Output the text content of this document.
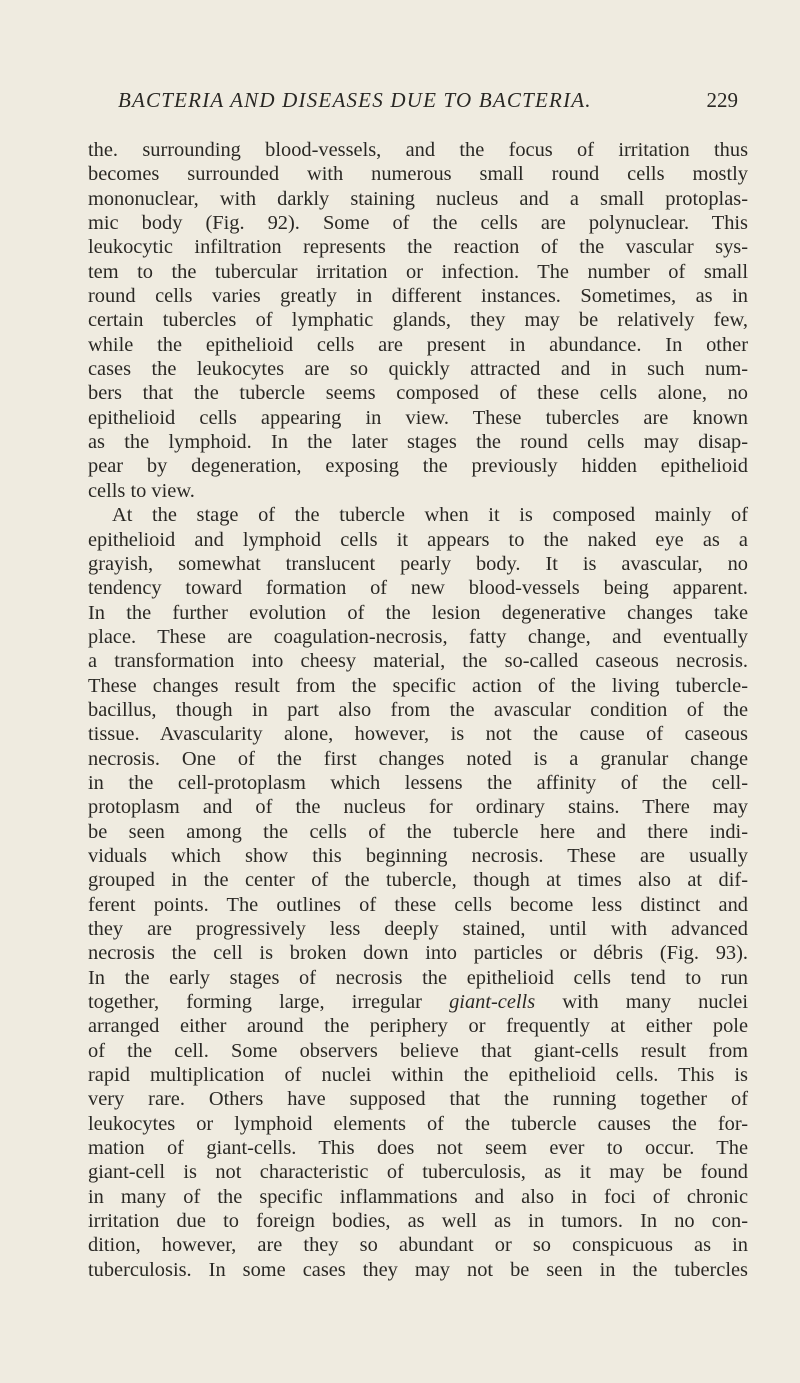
BACTERIA AND DISEASES DUE TO BACTERIA.	229
the. surrounding blood-vessels, and the focus of irritation thus
becomes surrounded with numerous small round cells mostly
mononuclear, with darkly staining nucleus and a small protoplas-
mic body (Fig. 92). Some of the cells are polynuclear. This
leukocytic infiltration represents the reaction of the vascular sys-
tem to the tubercular irritation or infection. The number of small
round cells varies greatly in different instances. Sometimes, as in
certain tubercles of lymphatic glands, they may be relatively few,
while the epithelioid cells are present in abundance. In other
cases the leukocytes are so quickly attracted and in such num-
bers that the tubercle seems composed of these cells alone, no
epithelioid cells appearing in view. These tubercles are known
as the lymphoid. In the later stages the round cells may disap-
pear by degeneration, exposing the previously hidden epithelioid
cells to view.
At the stage of the tubercle when it is composed mainly of
epithelioid and lymphoid cells it appears to the naked eye as a
grayish, somewhat translucent pearly body. It is avascular, no
tendency toward formation of new blood-vessels being apparent.
In the further evolution of the lesion degenerative changes take
place. These are coagulation-necrosis, fatty change, and eventually
a transformation into cheesy material, the so-called caseous necrosis.
These changes result from the specific action of the living tubercle-
bacillus, though in part also from the avascular condition of the
tissue. Avascularity alone, however, is not the cause of caseous
necrosis. One of the first changes noted is a granular change
in the cell-protoplasm which lessens the affinity of the cell-
protoplasm and of the nucleus for ordinary stains. There may
be seen among the cells of the tubercle here and there indi-
viduals which show this beginning necrosis. These are usually
grouped in the center of the tubercle, though at times also at dif-
ferent points. The outlines of these cells become less distinct and
they are progressively less deeply stained, until with advanced
necrosis the cell is broken down into particles or débris (Fig. 93).
In the early stages of necrosis the epithelioid cells tend to run
together, forming large, irregular giant-cells with many nuclei
arranged either around the periphery or frequently at either pole
of the cell. Some observers believe that giant-cells result from
rapid multiplication of nuclei within the epithelioid cells. This is
very rare. Others have supposed that the running together of
leukocytes or lymphoid elements of the tubercle causes the for-
mation of giant-cells. This does not seem ever to occur. The
giant-cell is not characteristic of tuberculosis, as it may be found
in many of the specific inflammations and also in foci of chronic
irritation due to foreign bodies, as well as in tumors. In no con-
dition, however, are they so abundant or so conspicuous as in
tuberculosis. In some cases they may not be seen in the tubercles
